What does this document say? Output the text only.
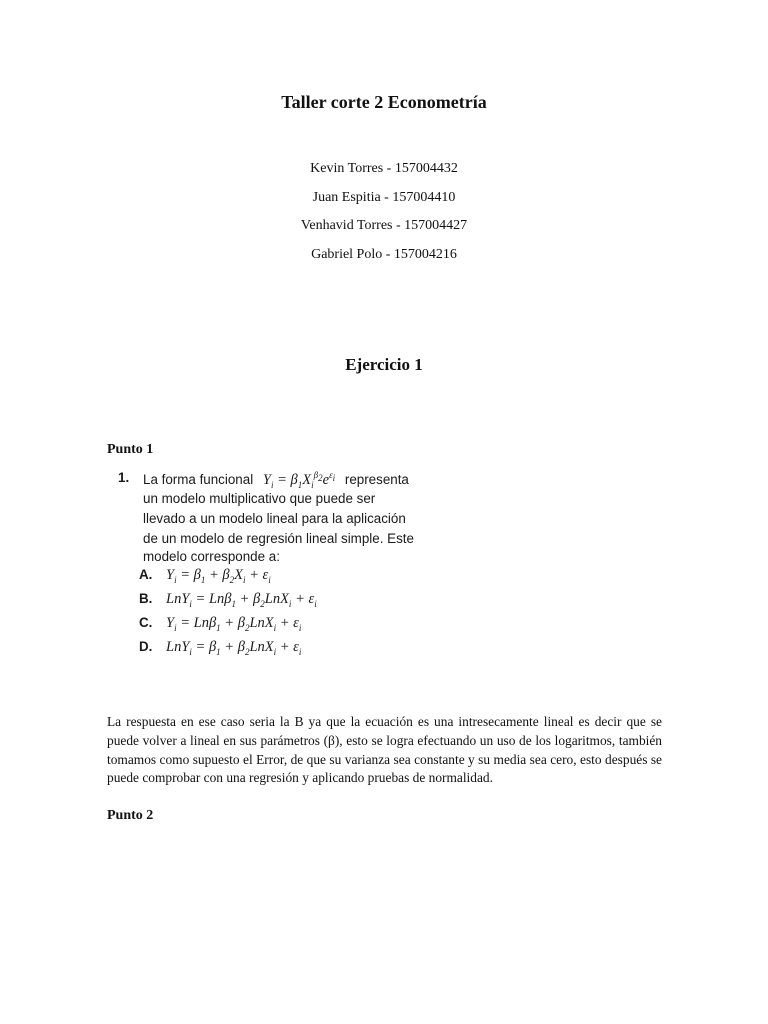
Taller corte 2 Econometría
Kevin Torres - 157004432
Juan Espitia - 157004410
Venhavid Torres - 157004427
Gabriel Polo - 157004216
Ejercicio 1
Punto 1
1. La forma funcional $Y_i = \beta_1X_i^{\beta_2}e^{\varepsilon_i}$ representa
un modelo multiplicativo que puede ser
llevado a un modelo lineal para la aplicación
de un modelo de regresión lineal simple. Este
modelo corresponde a:
A. $Y_i = \beta_1 + \beta_2X_i + \varepsilon_i$
B. $LnY_i = Ln\beta_1 + \beta_2LnX_i + \varepsilon_i$
C. $Y_i = Ln\beta_1 + \beta_2LnX_i + \varepsilon_i$
D. $LnY_i = \beta_1 + \beta_2LnX_i + \varepsilon_i$

La respuesta en ese caso seria la B ya que la ecuación es una intresecamente lineal es decir que se puede volver a lineal en sus parámetros (β), esto se logra efectuando un uso de los logaritmos, también tomamos como supuesto el Error, de que su varianza sea constante y su media sea cero, esto después se puede comprobar con una regresión y aplicando pruebas de normalidad.

Punto 2
